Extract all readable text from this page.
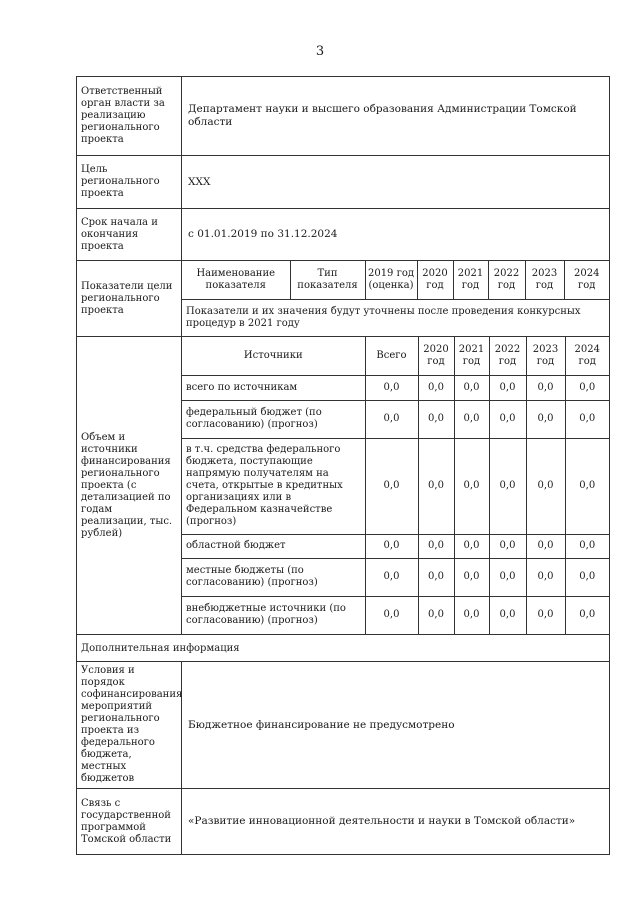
3
Ответственный орган власти за реализацию регионального проекта	Департамент науки и высшего образования Администрации Томской области
Цель регионального проекта	XXX
Срок начала и окончания проекта	с 01.01.2019 по 31.12.2024
Показатели цели регионального проекта	
Наименование показателя	Тип показателя	2019 год (оценка)	2020 год	2021 год	2022 год	2023 год	2024 год
Показатели и их значения будут уточнены после проведения конкурсных процедур в 2021 году

Объем и источники финансирования регионального проекта (с детализацией по годам реализации, тыс. рублей)	
Источники	Всего	2020 год	2021 год	2022 год	2023 год	2024 год
всего по источникам	0,0	0,0	0,0	0,0	0,0	0,0
федеральный бюджет (по согласованию) (прогноз)	0,0	0,0	0,0	0,0	0,0	0,0
в т.ч. средства федерального бюджета, поступающие напрямую получателям на счета, открытые в кредитных организациях или в Федеральном казначействе (прогноз)	0,0	0,0	0,0	0,0	0,0	0,0
областной бюджет	0,0	0,0	0,0	0,0	0,0	0,0
местные бюджеты (по согласованию) (прогноз)	0,0	0,0	0,0	0,0	0,0	0,0
внебюджетные источники (по согласованию) (прогноз)	0,0	0,0	0,0	0,0	0,0	0,0

Дополнительная информация
Условия и порядок софинансирования мероприятий регионального проекта из федерального бюджета, местных бюджетов	Бюджетное финансирование не предусмотрено
Связь с государственной программой Томской области	«Развитие инновационной деятельности и науки в Томской области»
